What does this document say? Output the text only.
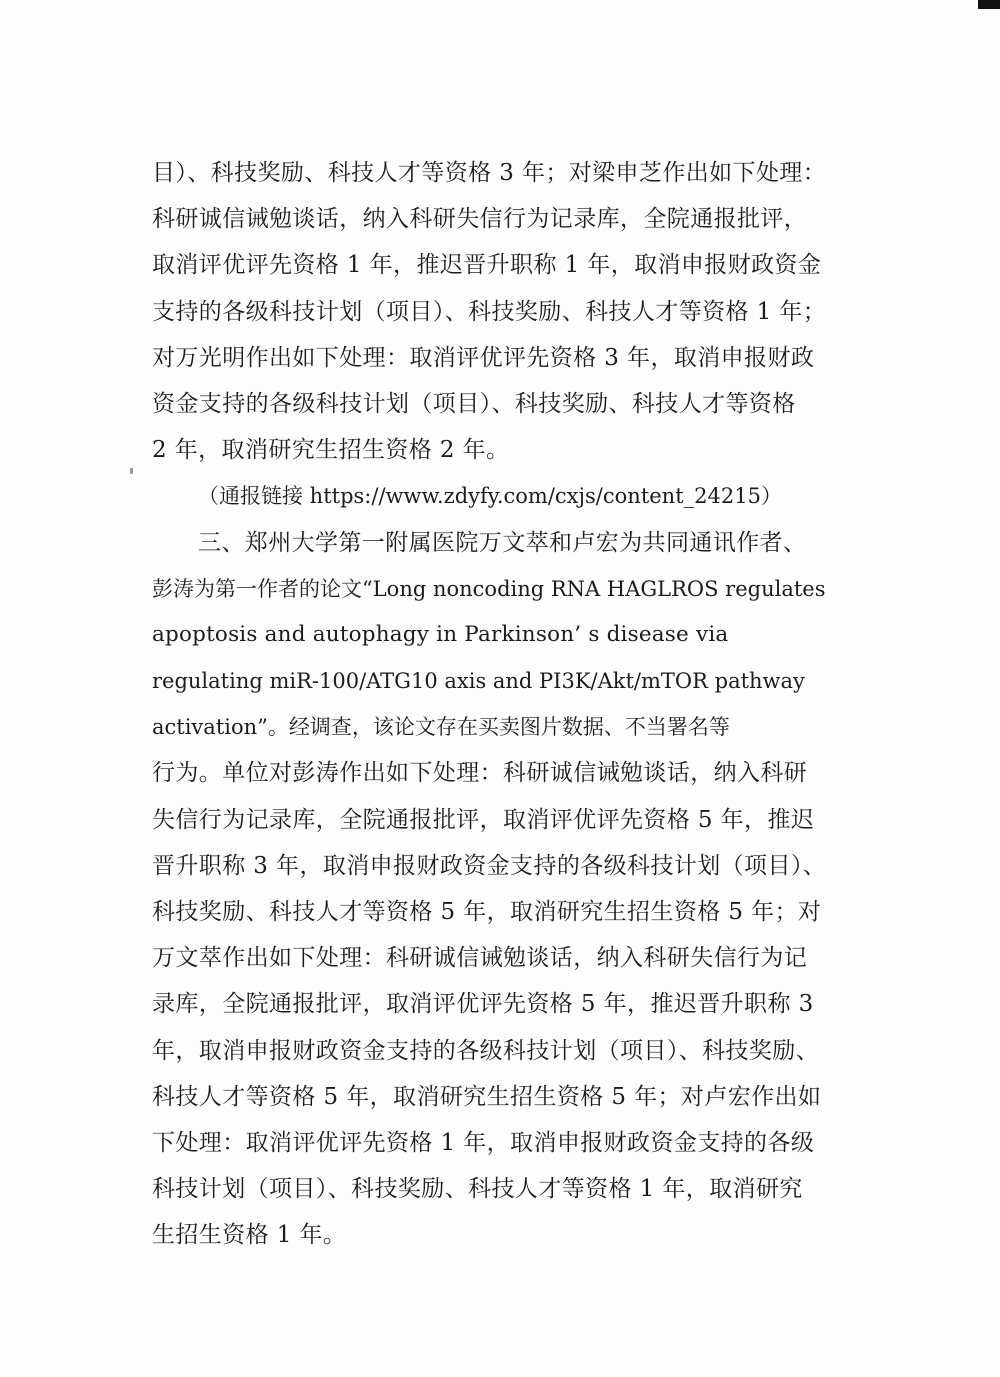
目）、科技奖励、科技人才等资格 3 年；对梁申芝作出如下处理：
科研诚信诫勉谈话，纳入科研失信行为记录库，全院通报批评，
取消评优评先资格 1 年，推迟晋升职称 1 年，取消申报财政资金
支持的各级科技计划（项目）、科技奖励、科技人才等资格 1 年；
对万光明作出如下处理：取消评优评先资格 3 年，取消申报财政
资金支持的各级科技计划（项目）、科技奖励、科技人才等资格
2 年，取消研究生招生资格 2 年。
（通报链接 https://www.zdyfy.com/cxjs/content_24215）
三、郑州大学第一附属医院万文萃和卢宏为共同通讯作者、
彭涛为第一作者的论文“Long noncoding RNA HAGLROS regulates
apoptosis and autophagy in Parkinson’ s disease via
regulating miR-100/ATG10 axis and PI3K/Akt/mTOR pathway
activation”。经调查，该论文存在买卖图片数据、不当署名等
行为。单位对彭涛作出如下处理：科研诚信诫勉谈话，纳入科研
失信行为记录库，全院通报批评，取消评优评先资格 5 年，推迟
晋升职称 3 年，取消申报财政资金支持的各级科技计划（项目）、
科技奖励、科技人才等资格 5 年，取消研究生招生资格 5 年；对
万文萃作出如下处理：科研诚信诫勉谈话，纳入科研失信行为记
录库，全院通报批评，取消评优评先资格 5 年，推迟晋升职称 3
年，取消申报财政资金支持的各级科技计划（项目）、科技奖励、
科技人才等资格 5 年，取消研究生招生资格 5 年；对卢宏作出如
下处理：取消评优评先资格 1 年，取消申报财政资金支持的各级
科技计划（项目）、科技奖励、科技人才等资格 1 年，取消研究
生招生资格 1 年。
